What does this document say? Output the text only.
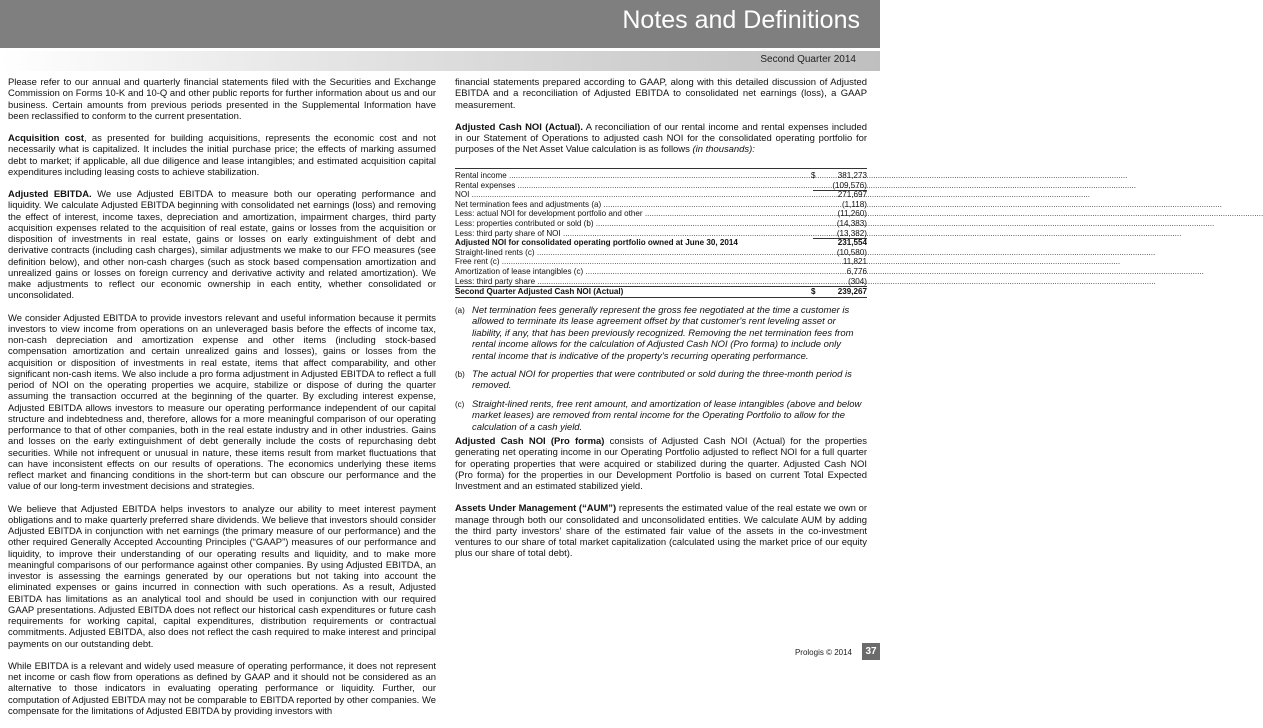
Notes and Definitions
Second Quarter 2014

Please refer to our annual and quarterly financial statements filed with the Securities and Exchange Commission on Forms 10-K and 10-Q and other public reports for further information about us and our business. Certain amounts from previous periods presented in the Supplemental Information have been reclassified to conform to the current presentation.

Acquisition cost, as presented for building acquisitions, represents the economic cost and not necessarily what is capitalized. It includes the initial purchase price; the effects of marking assumed debt to market; if applicable, all due diligence and lease intangibles; and estimated acquisition capital expenditures including leasing costs to achieve stabilization.

Adjusted EBITDA. We use Adjusted EBITDA to measure both our operating performance and liquidity. We calculate Adjusted EBITDA beginning with consolidated net earnings (loss) and removing the effect of interest, income taxes, depreciation and amortization, impairment charges, third party acquisition expenses related to the acquisition of real estate, gains or losses from the acquisition or disposition of investments in real estate, gains or losses on early extinguishment of debt and derivative contracts (including cash charges), similar adjustments we make to our FFO measures (see definition below), and other non-cash charges (such as stock based compensation amortization and unrealized gains or losses on foreign currency and derivative activity and related amortization). We make adjustments to reflect our economic ownership in each entity, whether consolidated or unconsolidated.

We consider Adjusted EBITDA to provide investors relevant and useful information because it permits investors to view income from operations on an unleveraged basis before the effects of income tax, non-cash depreciation and amortization expense and other items (including stock-based compensation amortization and certain unrealized gains and losses), gains or losses from the acquisition or disposition of investments in real estate, items that affect comparability, and other significant non-cash items. We also include a pro forma adjustment in Adjusted EBITDA to reflect a full period of NOI on the operating properties we acquire, stabilize or dispose of during the quarter assuming the transaction occurred at the beginning of the quarter. By excluding interest expense, Adjusted EBITDA allows investors to measure our operating performance independent of our capital structure and indebtedness and, therefore, allows for a more meaningful comparison of our operating performance to that of other companies, both in the real estate industry and in other industries. Gains and losses on the early extinguishment of debt generally include the costs of repurchasing debt securities. While not infrequent or unusual in nature, these items result from market fluctuations that can have inconsistent effects on our results of operations. The economics underlying these items reflect market and financing conditions in the short-term but can obscure our performance and the value of our long-term investment decisions and strategies.

We believe that Adjusted EBITDA helps investors to analyze our ability to meet interest payment obligations and to make quarterly preferred share dividends. We believe that investors should consider Adjusted EBITDA in conjunction with net earnings (the primary measure of our performance) and the other required Generally Accepted Accounting Principles (“GAAP”) measures of our performance and liquidity, to improve their understanding of our operating results and liquidity, and to make more meaningful comparisons of our performance against other companies. By using Adjusted EBITDA, an investor is assessing the earnings generated by our operations but not taking into account the eliminated expenses or gains incurred in connection with such operations. As a result, Adjusted EBITDA has limitations as an analytical tool and should be used in conjunction with our required GAAP presentations. Adjusted EBITDA does not reflect our historical cash expenditures or future cash requirements for working capital, capital expenditures, distribution requirements or contractual commitments. Adjusted EBITDA, also does not reflect the cash required to make interest and principal payments on our outstanding debt.

While EBITDA is a relevant and widely used measure of operating performance, it does not represent net income or cash flow from operations as defined by GAAP and it should not be considered as an alternative to those indicators in evaluating operating performance or liquidity. Further, our computation of Adjusted EBITDA may not be comparable to EBITDA reported by other companies. We compensate for the limitations of Adjusted EBITDA by providing investors with

financial statements prepared according to GAAP, along with this detailed discussion of Adjusted EBITDA and a reconciliation of Adjusted EBITDA to consolidated net earnings (loss), a GAAP measurement.

Adjusted Cash NOI (Actual). A reconciliation of our rental income and rental expenses included in our Statement of Operations to adjusted cash NOI for the consolidated operating portfolio for purposes of the Net Asset Value calculation is as follows (in thousands):

Rental income .....	$	381,273
Rental expenses .....	(109,576)
NOI .....	271,697
Net termination fees and adjustments (a) .....	(1,118)
Less: actual NOI for development portfolio and other .....	(11,260)
Less: properties contributed or sold (b) .....	(14,383)
Less: third party share of NOI .....	(13,382)
Adjusted NOI for consolidated operating portfolio owned at June 30, 2014	231,554
Straight-lined rents (c) .....	(10,580)
Free rent (c) .....	11,821
Amortization of lease intangibles (c) .....	6,776
Less: third party share .....	(304)
Second Quarter Adjusted Cash NOI (Actual)	$	239,267
(a) Net termination fees generally represent the gross fee negotiated at the time a customer is allowed to terminate its lease agreement offset by that customer's rent leveling asset or liability, if any, that has been previously recognized. Removing the net termination fees from rental income allows for the calculation of Adjusted Cash NOI (Pro forma) to include only rental income that is indicative of the property's recurring operating performance.
(b) The actual NOI for properties that were contributed or sold during the three-month period is removed.
(c) Straight-lined rents, free rent amount, and amortization of lease intangibles (above and below market leases) are removed from rental income for the Operating Portfolio to allow for the calculation of a cash yield.

Adjusted Cash NOI (Pro forma) consists of Adjusted Cash NOI (Actual) for the properties generating net operating income in our Operating Portfolio adjusted to reflect NOI for a full quarter for operating properties that were acquired or stabilized during the quarter. Adjusted Cash NOI (Pro forma) for the properties in our Development Portfolio is based on current Total Expected Investment and an estimated stabilized yield.

Assets Under Management (“AUM”) represents the estimated value of the real estate we own or manage through both our consolidated and unconsolidated entities. We calculate AUM by adding the third party investors’ share of the estimated fair value of the assets in the co-investment ventures to our share of total market capitalization (calculated using the market price of our equity plus our share of total debt).

Prologis © 2014	37
